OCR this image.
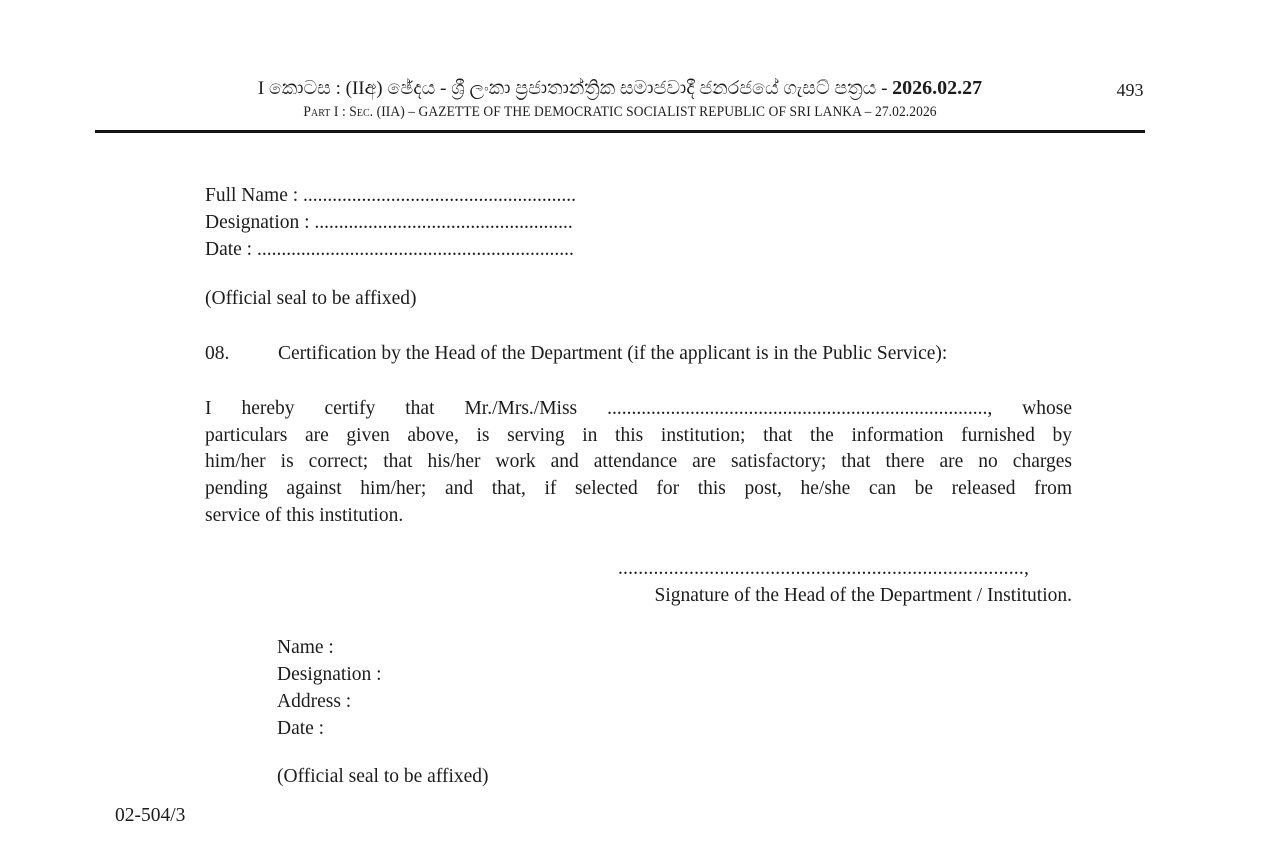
I කොටස : (IIඅ) ඡේදය - ශ්‍රී ලංකා ප්‍රජාතාන්ත්‍රික සමාජවාදී ජනරජයේ ගැසට් පත්‍රය - 2026.02.27	493
Part I : Sec. (IIA) – GAZETTE OF THE DEMOCRATIC SOCIALIST REPUBLIC OF SRI LANKA – 27.02.2026
Full Name : ........................................................
Designation : .....................................................
Date : .................................................................
(Official seal to be affixed)
08. Certification by the Head of the Department (if the applicant is in the Public Service):
I hereby certify that Mr./Mrs./Miss .............................................................................., whose
particulars are given above, is serving in this institution; that the information furnished by
him/her is correct; that his/her work and attendance are satisfactory; that there are no charges
pending against him/her; and that, if selected for this post, he/she can be released from
service of this institution.
................................................................................,
Signature of the Head of the Department / Institution.
Name :
Designation :
Address :
Date :
(Official seal to be affixed)
02-504/3
